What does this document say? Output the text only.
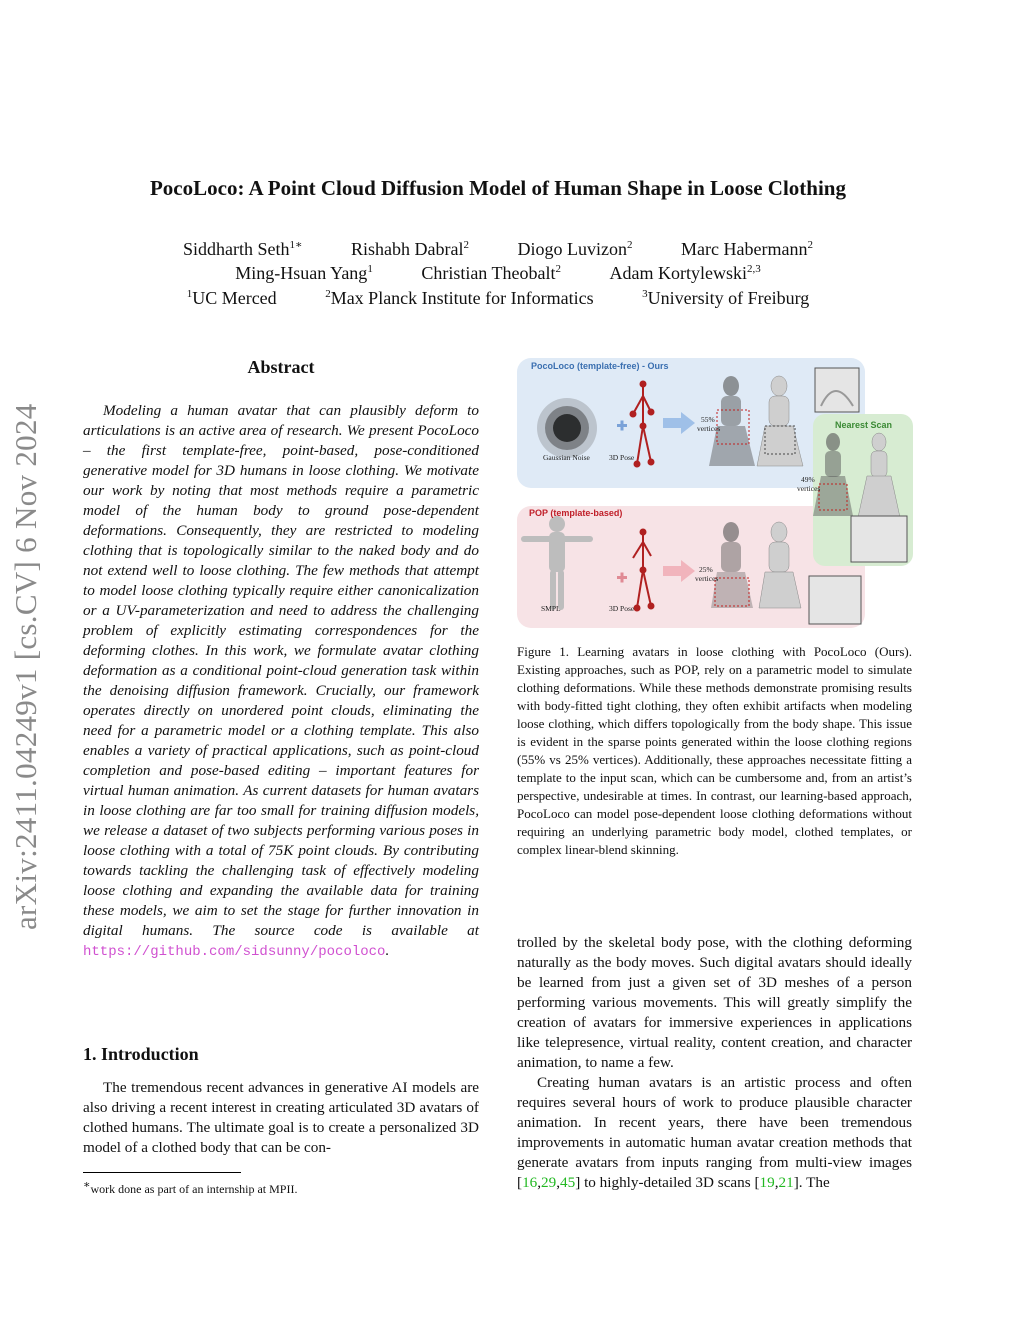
arXiv:2411.04249v1 [cs.CV] 6 Nov 2024
PocoLoco: A Point Cloud Diffusion Model of Human Shape in Loose Clothing
Siddharth Seth$^{1∗}$	Rishabh Dabral$^2$	Diogo Luvizon$^2$	Marc Habermann$^2$
Ming-Hsuan Yang$^1$	Christian Theobalt$^2$	Adam Kortylewski$^{2,3}$
$^1$UC Merced	$^2$Max Planck Institute for Informatics	$^3$University of Freiburg
Abstract
Modeling a human avatar that can plausibly deform to articulations is an active area of research. We present PocoLoco – the first template-free, point-based, pose-conditioned generative model for 3D humans in loose clothing. We motivate our work by noting that most methods require a parametric model of the human body to ground pose-dependent deformations. Consequently, they are restricted to modeling clothing that is topologically similar to the naked body and do not extend well to loose clothing. The few methods that attempt to model loose clothing typically require either canonicalization or a UV-parameterization and need to address the challenging problem of explicitly estimating correspondences for the deforming clothes. In this work, we formulate avatar clothing deformation as a conditional point-cloud generation task within the denoising diffusion framework. Crucially, our framework operates directly on unordered point clouds, eliminating the need for a parametric model or a clothing template. This also enables a variety of practical applications, such as point-cloud completion and pose-based editing – important features for virtual human animation. As current datasets for human avatars in loose clothing are far too small for training diffusion models, we release a dataset of two subjects performing various poses in loose clothing with a total of 75K point clouds. By contributing towards tackling the challenging task of effectively modeling loose clothing and expanding the available data for training these models, we aim to set the stage for further innovation in digital humans. The source code is available at https://github.com/sidsunny/pocoloco.
1. Introduction
The tremendous recent advances in generative AI models are also driving a recent interest in creating articulated 3D avatars of clothed humans. The ultimate goal is to create a personalized 3D model of a clothed body that can be con-
∗work done as part of an internship at MPII.
PocoLoco (template-free) - Ours
POP (template-based)
Nearest Scan
Gaussian Noise	3D Pose
3D Pose
SMPL
55%
vertices
25%
vertices
49%
vertices
Figure 1. Learning avatars in loose clothing with PocoLoco (Ours). Existing approaches, such as POP, rely on a parametric model to simulate clothing deformations. While these methods demonstrate promising results with body-fitted tight clothing, they often exhibit artifacts when modeling loose clothing, which differs topologically from the body shape. This issue is evident in the sparse points generated within the loose clothing regions (55% vs 25% vertices). Additionally, these approaches necessitate fitting a template to the input scan, which can be cumbersome and, from an artist’s perspective, undesirable at times. In contrast, our learning-based approach, PocoLoco can model pose-dependent loose clothing deformations without requiring an underlying parametric body model, clothed templates, or complex linear-blend skinning.

trolled by the skeletal body pose, with the clothing deforming naturally as the body moves. Such digital avatars should ideally be learned from just a given set of 3D meshes of a person performing various movements. This will greatly simplify the creation of avatars for immersive experiences in applications like telepresence, virtual reality, content creation, and character animation, to name a few.

Creating human avatars is an artistic process and often requires several hours of work to produce plausible character animation. In recent years, there have been tremendous improvements in automatic human avatar creation methods that generate avatars from inputs ranging from multi-view images [16,29,45] to highly-detailed 3D scans [19,21]. The
